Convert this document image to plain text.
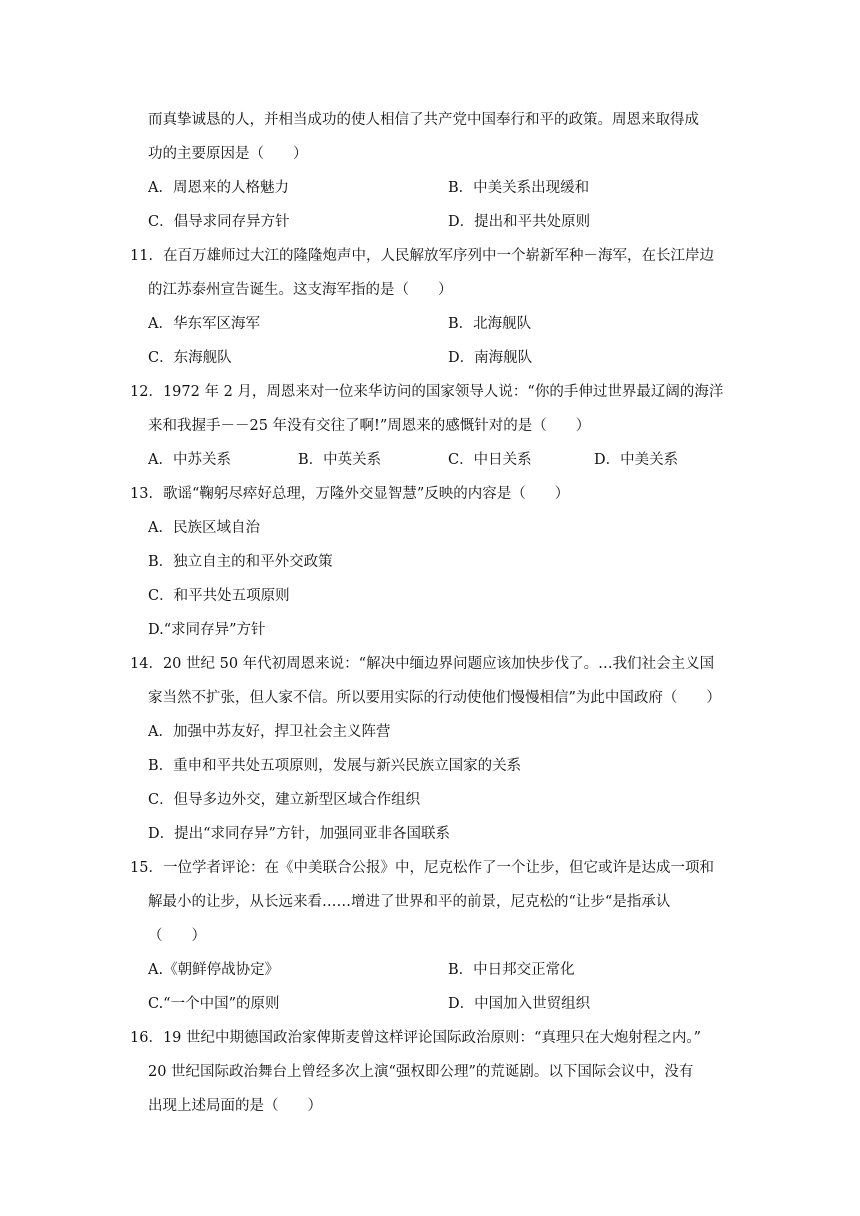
而真挚诚恳的人，并相当成功的使人相信了共产党中国奉行和平的政策。周恩来取得成
功的主要原因是（　　）
A．周恩来的人格魅力	B．中美关系出现缓和
C．倡导求同存异方针	D．提出和平共处原则
11．在百万雄师过大江的隆隆炮声中，人民解放军序列中一个崭新军种－海军，在长江岸边
的江苏泰州宣告诞生。这支海军指的是（　　）
A．华东军区海军	B．北海舰队
C．东海舰队	D．南海舰队
12．1972 年 2 月，周恩来对一位来华访问的国家领导人说：“你的手伸过世界最辽阔的海洋
来和我握手－－25 年没有交往了啊!”周恩来的感慨针对的是（　　）
A．中苏关系	B．中英关系	C．中日关系	D．中美关系
13．歌谣“鞠躬尽瘁好总理，万隆外交显智慧”反映的内容是（　　）
A．民族区域自治
B．独立自主的和平外交政策
C．和平共处五项原则
D.“求同存异”方针
14．20 世纪 50 年代初周恩来说：“解决中缅边界问题应该加快步伐了。…我们社会主义国
家当然不扩张，但人家不信。所以要用实际的行动使他们慢慢相信”为此中国政府（　　）
A．加强中苏友好，捍卫社会主义阵营
B．重申和平共处五项原则，发展与新兴民族立国家的关系
C．但导多边外交，建立新型区域合作组织
D．提出“求同存异”方针，加强同亚非各国联系
15．一位学者评论：在《中美联合公报》中，尼克松作了一个让步，但它或许是达成一项和
解最小的让步，从长远来看……增进了世界和平的前景，尼克松的“让步“是指承认
（　　）
A.《朝鲜停战协定》	B．中日邦交正常化
C.“一个中国”的原则	D．中国加入世贸组织
16．19 世纪中期德国政治家俾斯麦曾这样评论国际政治原则：“真理只在大炮射程之内。”
20 世纪国际政治舞台上曾经多次上演“强权即公理”的荒诞剧。以下国际会议中，没有
出现上述局面的是（　　）
